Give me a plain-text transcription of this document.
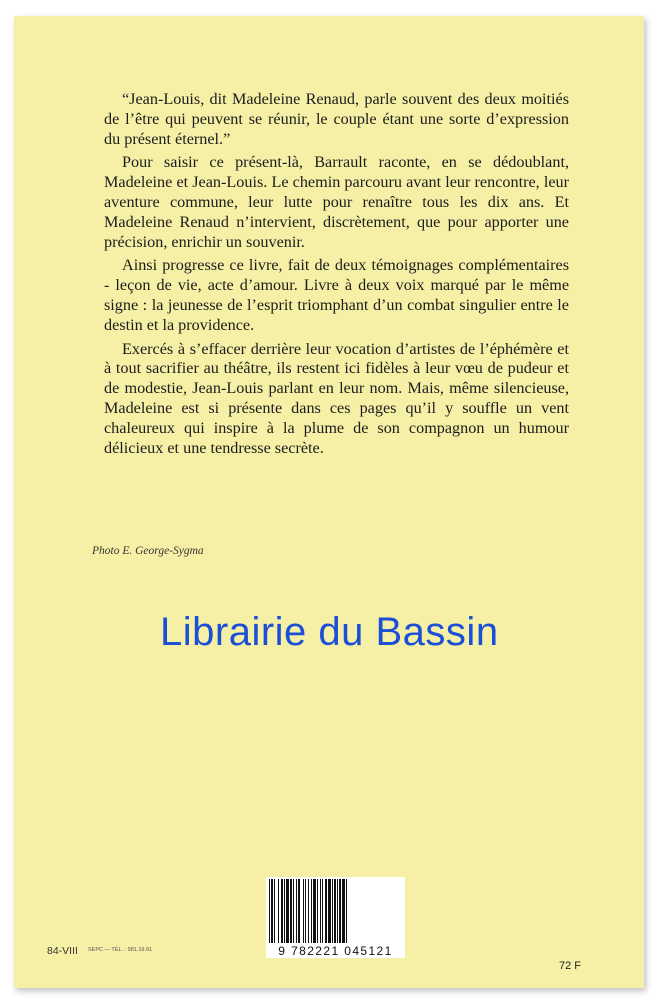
“Jean-Louis, dit Madeleine Renaud, parle souvent des deux moitiés de l’être qui peuvent se réunir, le couple étant une sorte d’expression du présent éternel.”

Pour saisir ce présent-là, Barrault raconte, en se dédoublant, Madeleine et Jean-Louis. Le chemin parcouru avant leur rencontre, leur aventure commune, leur lutte pour renaître tous les dix ans. Et Madeleine Renaud n’intervient, discrètement, que pour apporter une précision, enrichir un souvenir.

Ainsi progresse ce livre, fait de deux témoignages complémentaires - leçon de vie, acte d’amour. Livre à deux voix marqué par le même signe : la jeunesse de l’esprit triomphant d’un combat singulier entre le destin et la providence.

Exercés à s’effacer derrière leur vocation d’artistes de l’éphémère et à tout sacrifier au théâtre, ils restent ici fidèles à leur vœu de pudeur et de modestie, Jean-Louis parlant en leur nom. Mais, même silencieuse, Madeleine est si présente dans ces pages qu’il y souffle un vent chaleureux qui inspire à la plume de son compagnon un humour délicieux et une tendresse secrète.

Photo E. George-Sygma
Librairie du Bassin
9 782221 045121
84-VIII SEPC — TÉL. : 981.19.91
72 F
